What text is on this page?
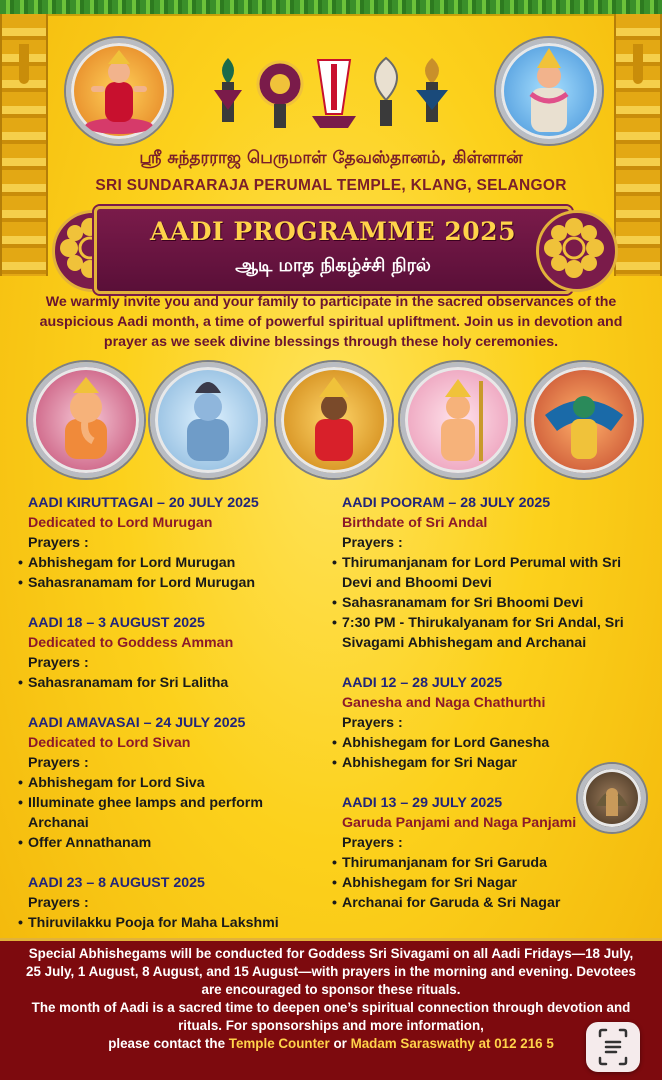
ஸ்ரீ சுந்தரராஜ பெருமாள் தேவஸ்தானம், கிள்ளான்
SRI SUNDARARAJA PERUMAL TEMPLE, KLANG, SELANGOR
AADI PROGRAMME 2025
ஆடி மாத நிகழ்ச்சி நிரல்
We warmly invite you and your family to participate in the sacred observances of the auspicious Aadi month, a time of powerful spiritual upliftment. Join us in devotion and prayer as we seek divine blessings through these holy ceremonies.
AADI KIRUTTAGAI – 20 JULY 2025
Dedicated to Lord Murugan
Prayers :
• Abhishegam for Lord Murugan
• Sahasranamam for Lord Murugan
AADI 18 – 3 AUGUST 2025
Dedicated to Goddess Amman
Prayers :
• Sahasranamam for Sri Lalitha
AADI AMAVASAI – 24 JULY 2025
Dedicated to Lord Sivan
Prayers :
• Abhishegam for Lord Siva
• Illuminate ghee lamps and perform Archanai
• Offer Annathanam
AADI 23 – 8 AUGUST 2025
Prayers :
• Thiruvilakku Pooja for Maha Lakshmi
AADI POORAM – 28 JULY 2025
Birthdate of Sri Andal
Prayers :
• Thirumanjanam for Lord Perumal with Sri Devi and Bhoomi Devi
• Sahasranamam for Sri Bhoomi Devi
• 7:30 PM - Thirukalyanam for Sri Andal, Sri Sivagami Abhishegam and Archanai
AADI 12 – 28 JULY 2025
Ganesha and Naga Chathurthi
Prayers :
• Abhishegam for Lord Ganesha
• Abhishegam for Sri Nagar
AADI 13 – 29 JULY 2025
Garuda Panjami and Naga Panjami
Prayers :
• Thirumanjanam for Sri Garuda
• Abhishegam for Sri Nagar
• Archanai for Garuda & Sri Nagar
Special Abhishegams will be conducted for Goddess Sri Sivagami on all Aadi Fridays—18 July, 25 July, 1 August, 8 August, and 15 August—with prayers in the morning and evening. Devotees are encouraged to sponsor these rituals.
The month of Aadi is a sacred time to deepen one’s spiritual connection through devotion and rituals. For sponsorships and more information,
please contact the Temple Counter or Madam Saraswathy at 012 216 5
